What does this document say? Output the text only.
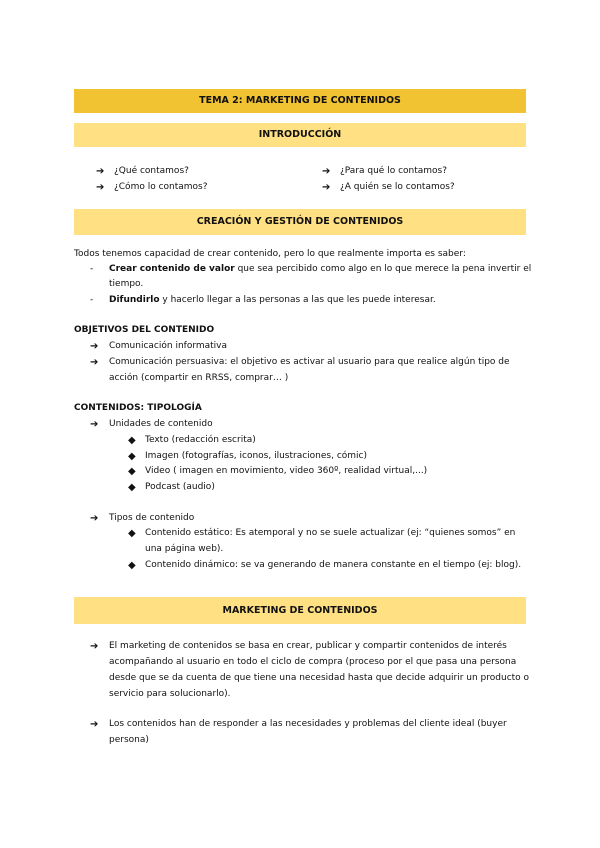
TEMA 2: MARKETING DE CONTENIDOS
INTRODUCCIÓN
➔ ¿Qué contamos?
➔ ¿Cómo lo contamos?
➔ ¿Para qué lo contamos?
➔ ¿A quién se lo contamos?
CREACIÓN Y GESTIÓN DE CONTENIDOS
Todos tenemos capacidad de crear contenido, pero lo que realmente importa es saber:
- Crear contenido de valor que sea percibido como algo en lo que merece la pena invertir el
tiempo.
- Difundirlo y hacerlo llegar a las personas a las que les puede interesar.
OBJETIVOS DEL CONTENIDO
➔ Comunicación informativa
➔ Comunicación persuasiva: el objetivo es activar al usuario para que realice algún tipo de
acción (compartir en RRSS, comprar… )
CONTENIDOS: TIPOLOGÍA
➔ Unidades de contenido
◆ Texto (redacción escrita)
◆ Imagen (fotografías, iconos, ilustraciones, cómic)
◆ Video ( imagen en movimiento, video 360º, realidad virtual,...)
◆ Podcast (audio)
➔ Tipos de contenido
◆ Contenido estático: Es atemporal y no se suele actualizar (ej: “quienes somos” en
una página web).
◆ Contenido dinámico: se va generando de manera constante en el tiempo (ej: blog).
MARKETING DE CONTENIDOS
➔ El marketing de contenidos se basa en crear, publicar y compartir contenidos de interés
acompañando al usuario en todo el ciclo de compra (proceso por el que pasa una persona
desde que se da cuenta de que tiene una necesidad hasta que decide adquirir un producto o
servicio para solucionarlo).
➔ Los contenidos han de responder a las necesidades y problemas del cliente ideal (buyer
persona)
